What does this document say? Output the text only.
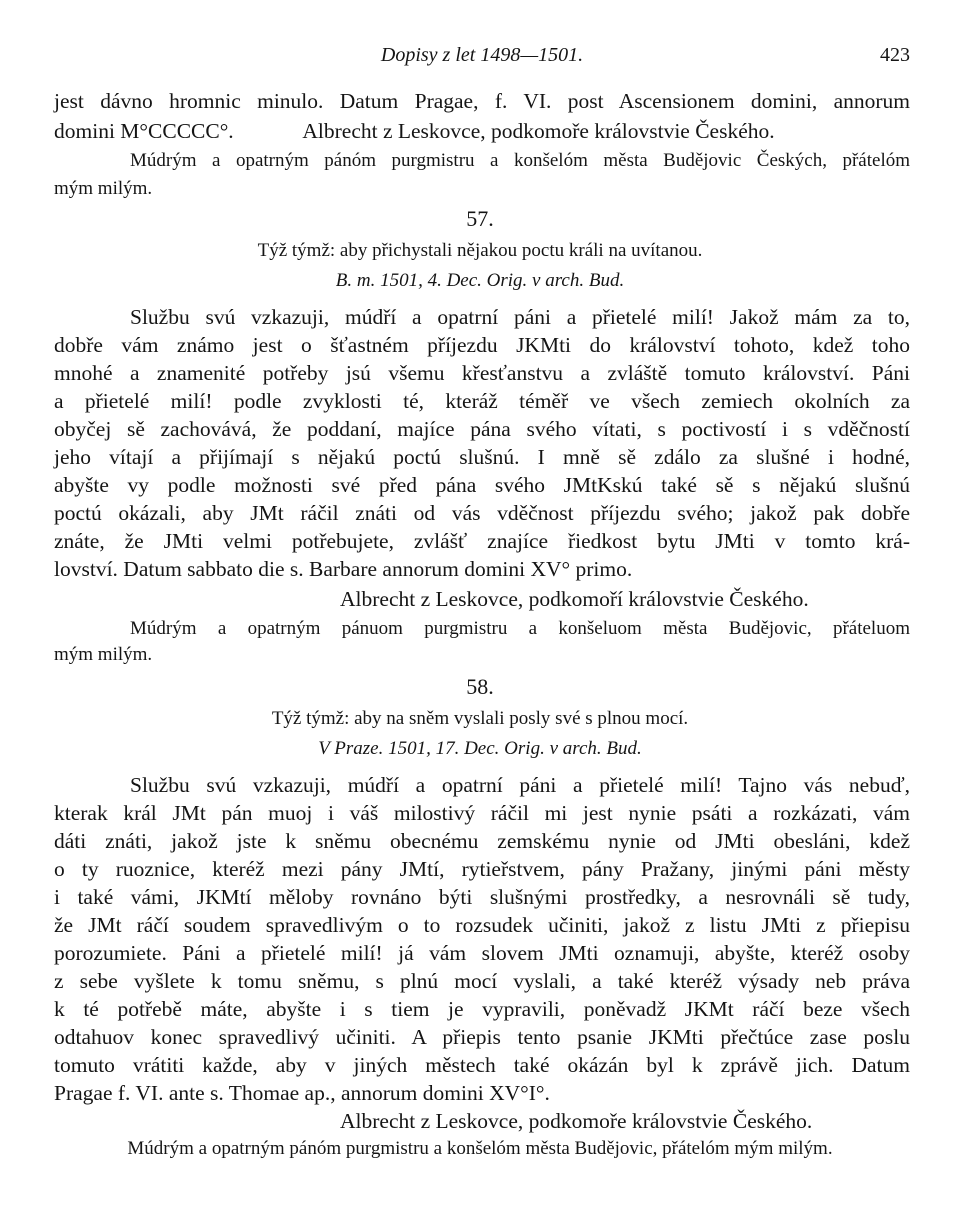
Dopisy z let 1498—1501.	423
jest dávno hromnic minulo. Datum Pragae, f. VI. post Ascensionem domini, annorum
domini M°CCCCC°.             Albrecht z Leskovce, podkomoře královstvie Českého.
Múdrým a opatrným pánóm purgmistru a konšelóm města Budějovic Českých, přátelóm
mým milým.
57.
Týž týmž: aby přichystali nějakou poctu králi na uvítanou.
B. m. 1501, 4. Dec. Orig. v arch. Bud.
Službu svú vzkazuji, múdří a opatrní páni a přietelé milí! Jakož mám za to,
dobře vám známo jest o šťastném příjezdu JKMti do království tohoto, kdež toho
mnohé a znamenité potřeby jsú všemu křesťanstvu a zvláště tomuto království. Páni
a přietelé milí! podle zvyklosti té, kteráž téměř ve všech zemiech okolních za
obyčej sě zachovává, že poddaní, majíce pána svého vítati, s poctivostí i s vděčností
jeho vítají a přijímají s nějakú poctú slušnú. I mně sě zdálo za slušné i hodné,
abyšte vy podle možnosti své před pána svého JMtKskú také sě s nějakú slušnú
poctú okázali, aby JMt ráčil znáti od vás vděčnost příjezdu svého; jakož pak dobře
znáte, že JMti velmi potřebujete, zvlášť znajíce řiedkost bytu JMti v tomto krá-
lovství. Datum sabbato die s. Barbare annorum domini XV° primo.
Albrecht z Leskovce, podkomoří královstvie Českého.
Múdrým a opatrným pánuom purgmistru a konšeluom města Budějovic, přáteluom
mým milým.
58.
Týž týmž: aby na sněm vyslali posly své s plnou mocí.
V Praze. 1501, 17. Dec. Orig. v arch. Bud.
Službu svú vzkazuji, múdří a opatrní páni a přietelé milí! Tajno vás nebuď,
kterak král JMt pán muoj i váš milostivý ráčil mi jest nynie psáti a rozkázati, vám
dáti znáti, jakož jste k sněmu obecnému zemskému nynie od JMti obesláni, kdež
o ty ruoznice, kteréž mezi pány JMtí, rytieřstvem, pány Pražany, jinými páni městy
i také vámi, JKMtí měloby rovnáno býti slušnými prostředky, a nesrovnáli sě tudy,
že JMt ráčí soudem spravedlivým o to rozsudek učiniti, jakož z listu JMti z přiepisu
porozumiete. Páni a přietelé milí! já vám slovem JMti oznamuji, abyšte, kteréž osoby
z sebe vyšlete k tomu sněmu, s plnú mocí vyslali, a také kteréž výsady neb práva
k té potřebě máte, abyšte i s tiem je vypravili, poněvadž JKMt ráčí beze všech
odtahuov konec spravedlivý učiniti. A přiepis tento psanie JKMti přečtúce zase poslu
tomuto vrátiti každe, aby v jiných městech také okázán byl k zprávě jich. Datum
Pragae f. VI. ante s. Thomae ap., annorum domini XV°I°.
Albrecht z Leskovce, podkomoře královstvie Českého.
Múdrým a opatrným pánóm purgmistru a konšelóm města Budějovic, přátelóm mým milým.
